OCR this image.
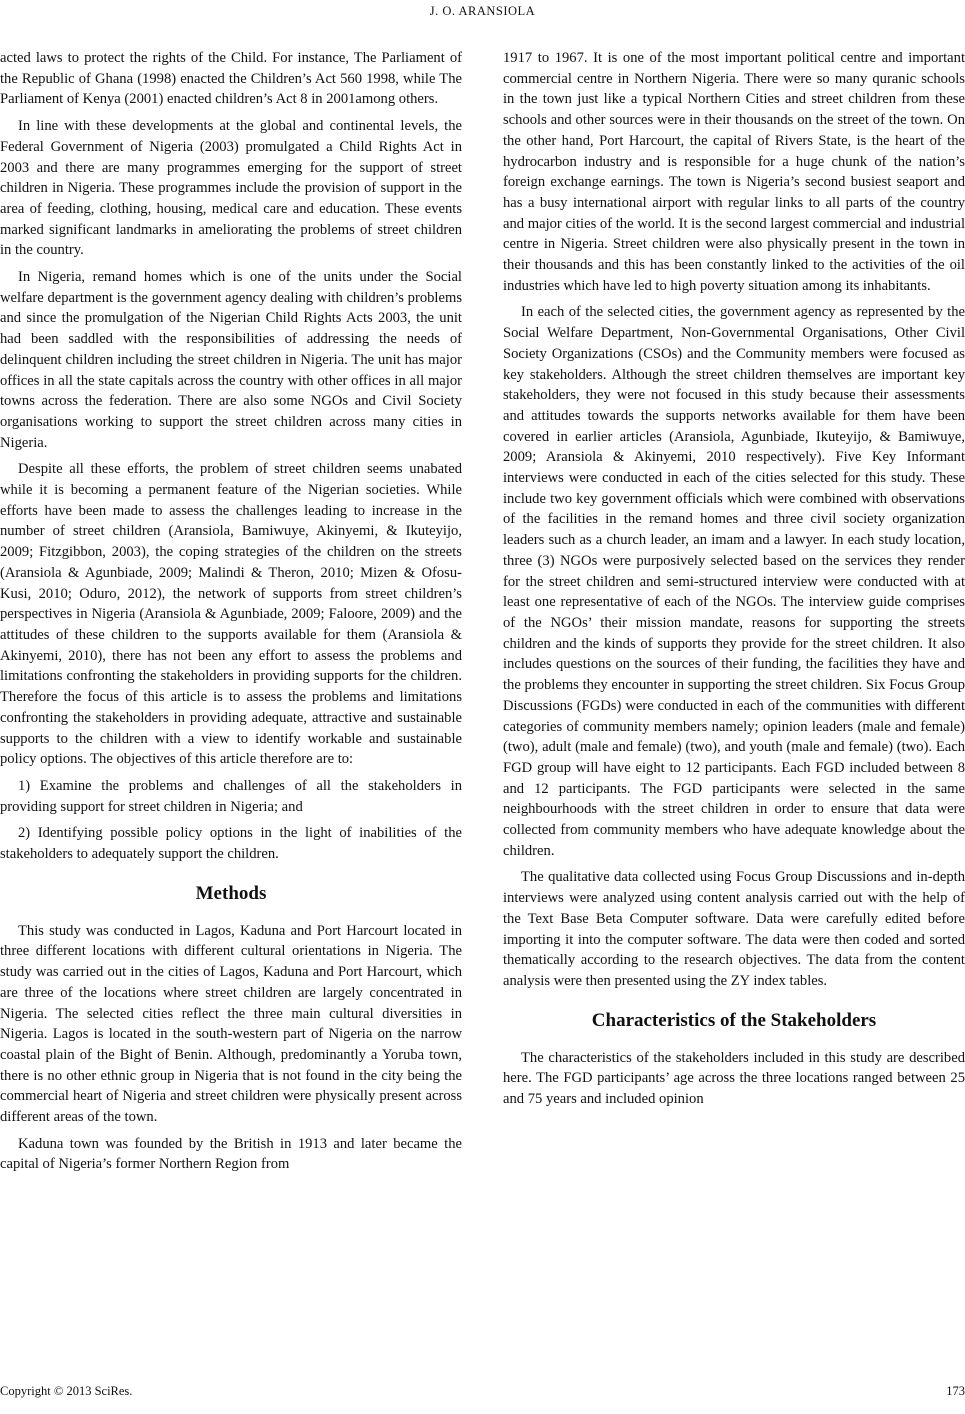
J. O. ARANSIOLA

acted laws to protect the rights of the Child. For instance, The Parliament of the Republic of Ghana (1998) enacted the Children’s Act 560 1998, while The Parliament of Kenya (2001) enacted children’s Act 8 in 2001among others.

In line with these developments at the global and continental levels, the Federal Government of Nigeria (2003) promulgated a Child Rights Act in 2003 and there are many programmes emerging for the support of street children in Nigeria. These programmes include the provision of support in the area of feeding, clothing, housing, medical care and education. These events marked significant landmarks in ameliorating the problems of street children in the country.

In Nigeria, remand homes which is one of the units under the Social welfare department is the government agency dealing with children’s problems and since the promulgation of the Nigerian Child Rights Acts 2003, the unit had been saddled with the responsibilities of addressing the needs of delinquent children including the street children in Nigeria. The unit has major offices in all the state capitals across the country with other offices in all major towns across the federation. There are also some NGOs and Civil Society organisations working to support the street children across many cities in Nigeria.

Despite all these efforts, the problem of street children seems unabated while it is becoming a permanent feature of the Nigerian societies. While efforts have been made to assess the challenges leading to increase in the number of street children (Aransiola, Bamiwuye, Akinyemi, & Ikuteyijo, 2009; Fitzgibbon, 2003), the coping strategies of the children on the streets (Aransiola & Agunbiade, 2009; Malindi & Theron, 2010; Mizen & Ofosu-Kusi, 2010; Oduro, 2012), the network of supports from street children’s perspectives in Nigeria (Aransiola & Agunbiade, 2009; Faloore, 2009) and the attitudes of these children to the supports available for them (Aransiola & Akinyemi, 2010), there has not been any effort to assess the problems and limitations confronting the stakeholders in providing supports for the children. Therefore the focus of this article is to assess the problems and limitations confronting the stakeholders in providing adequate, attractive and sustainable supports to the children with a view to identify workable and sustainable policy options. The objectives of this article therefore are to:

1) Examine the problems and challenges of all the stakeholders in providing support for street children in Nigeria; and

2) Identifying possible policy options in the light of inabilities of the stakeholders to adequately support the children.

Methods

This study was conducted in Lagos, Kaduna and Port Harcourt located in three different locations with different cultural orientations in Nigeria. The study was carried out in the cities of Lagos, Kaduna and Port Harcourt, which are three of the locations where street children are largely concentrated in Nigeria. The selected cities reflect the three main cultural diversities in Nigeria. Lagos is located in the south-western part of Nigeria on the narrow coastal plain of the Bight of Benin. Although, predominantly a Yoruba town, there is no other ethnic group in Nigeria that is not found in the city being the commercial heart of Nigeria and street children were physically present across different areas of the town.

Kaduna town was founded by the British in 1913 and later became the capital of Nigeria’s former Northern Region from

1917 to 1967. It is one of the most important political centre and important commercial centre in Northern Nigeria. There were so many quranic schools in the town just like a typical Northern Cities and street children from these schools and other sources were in their thousands on the street of the town. On the other hand, Port Harcourt, the capital of Rivers State, is the heart of the hydrocarbon industry and is responsible for a huge chunk of the nation’s foreign exchange earnings. The town is Nigeria’s second busiest seaport and has a busy international airport with regular links to all parts of the country and major cities of the world. It is the second largest commercial and industrial centre in Nigeria. Street children were also physically present in the town in their thousands and this has been constantly linked to the activities of the oil industries which have led to high poverty situation among its inhabitants.

In each of the selected cities, the government agency as represented by the Social Welfare Department, Non-Governmental Organisations, Other Civil Society Organizations (CSOs) and the Community members were focused as key stakeholders. Although the street children themselves are important key stakeholders, they were not focused in this study because their assessments and attitudes towards the supports networks available for them have been covered in earlier articles (Aransiola, Agunbiade, Ikuteyijo, & Bamiwuye, 2009; Aransiola & Akinyemi, 2010 respectively). Five Key Informant interviews were conducted in each of the cities selected for this study. These include two key government officials which were combined with observations of the facilities in the remand homes and three civil society organization leaders such as a church leader, an imam and a lawyer. In each study location, three (3) NGOs were purposively selected based on the services they render for the street children and semi-structured interview were conducted with at least one representative of each of the NGOs. The interview guide comprises of the NGOs’ their mission mandate, reasons for supporting the streets children and the kinds of supports they provide for the street children. It also includes questions on the sources of their funding, the facilities they have and the problems they encounter in supporting the street children. Six Focus Group Discussions (FGDs) were conducted in each of the communities with different categories of community members namely; opinion leaders (male and female) (two), adult (male and female) (two), and youth (male and female) (two). Each FGD group will have eight to 12 participants. Each FGD included between 8 and 12 participants. The FGD participants were selected in the same neighbourhoods with the street children in order to ensure that data were collected from community members who have adequate knowledge about the children.

The qualitative data collected using Focus Group Discussions and in-depth interviews were analyzed using content analysis carried out with the help of the Text Base Beta Computer software. Data were carefully edited before importing it into the computer software. The data were then coded and sorted thematically according to the research objectives. The data from the content analysis were then presented using the ZY index tables.

Characteristics of the Stakeholders

The characteristics of the stakeholders included in this study are described here. The FGD participants’ age across the three locations ranged between 25 and 75 years and included opinion

Copyright © 2013 SciRes.	173
